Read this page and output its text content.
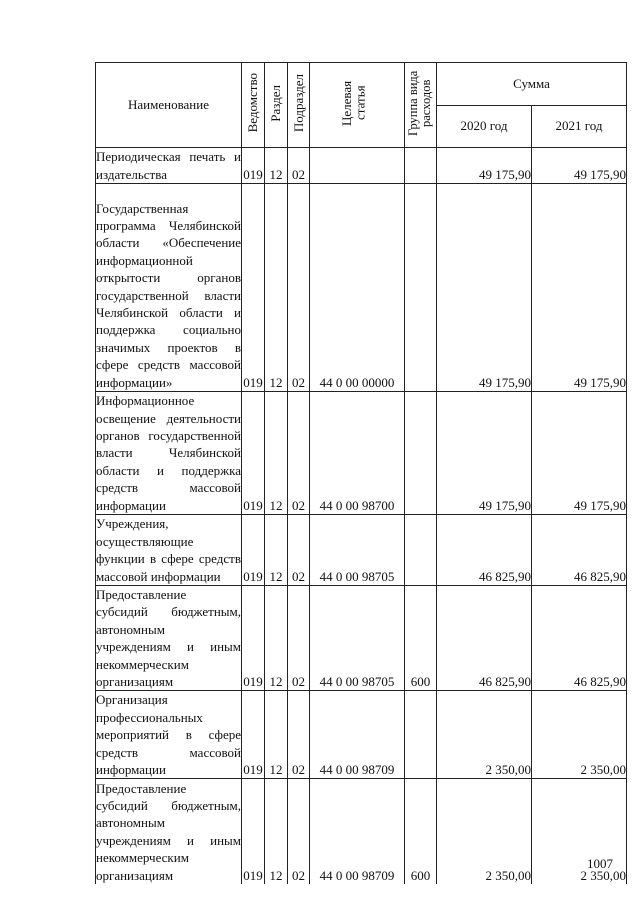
Наименование	Ведомство	Раздел	Подраздел	Целевая статья	Группа вида расходов	Сумма	
						2020 год	2021 год
Периодическая печать и издательства	019	12	02			49 175,90	49 175,90
Государственная программа Челябинской области «Обеспечение информационной открытости органов государственной власти Челябинской области и поддержка социально значимых проектов в сфере средств массовой информации»	019	12	02	44 0 00 00000		49 175,90	49 175,90
Информационное освещение деятельности органов государственной власти Челябинской области и поддержка средств массовой информации	019	12	02	44 0 00 98700		49 175,90	49 175,90
Учреждения, осуществляющие функции в сфере средств массовой информации	019	12	02	44 0 00 98705		46 825,90	46 825,90
Предоставление субсидий бюджетным, автономным учреждениям и иным некоммерческим организациям	019	12	02	44 0 00 98705	600	46 825,90	46 825,90
Организация профессиональных мероприятий в сфере средств массовой информации	019	12	02	44 0 00 98709		2 350,00	2 350,00
Предоставление субсидий бюджетным, автономным учреждениям и иным некоммерческим организациям	019	12	02	44 0 00 98709	600	2 350,00	2 350,00
1007
